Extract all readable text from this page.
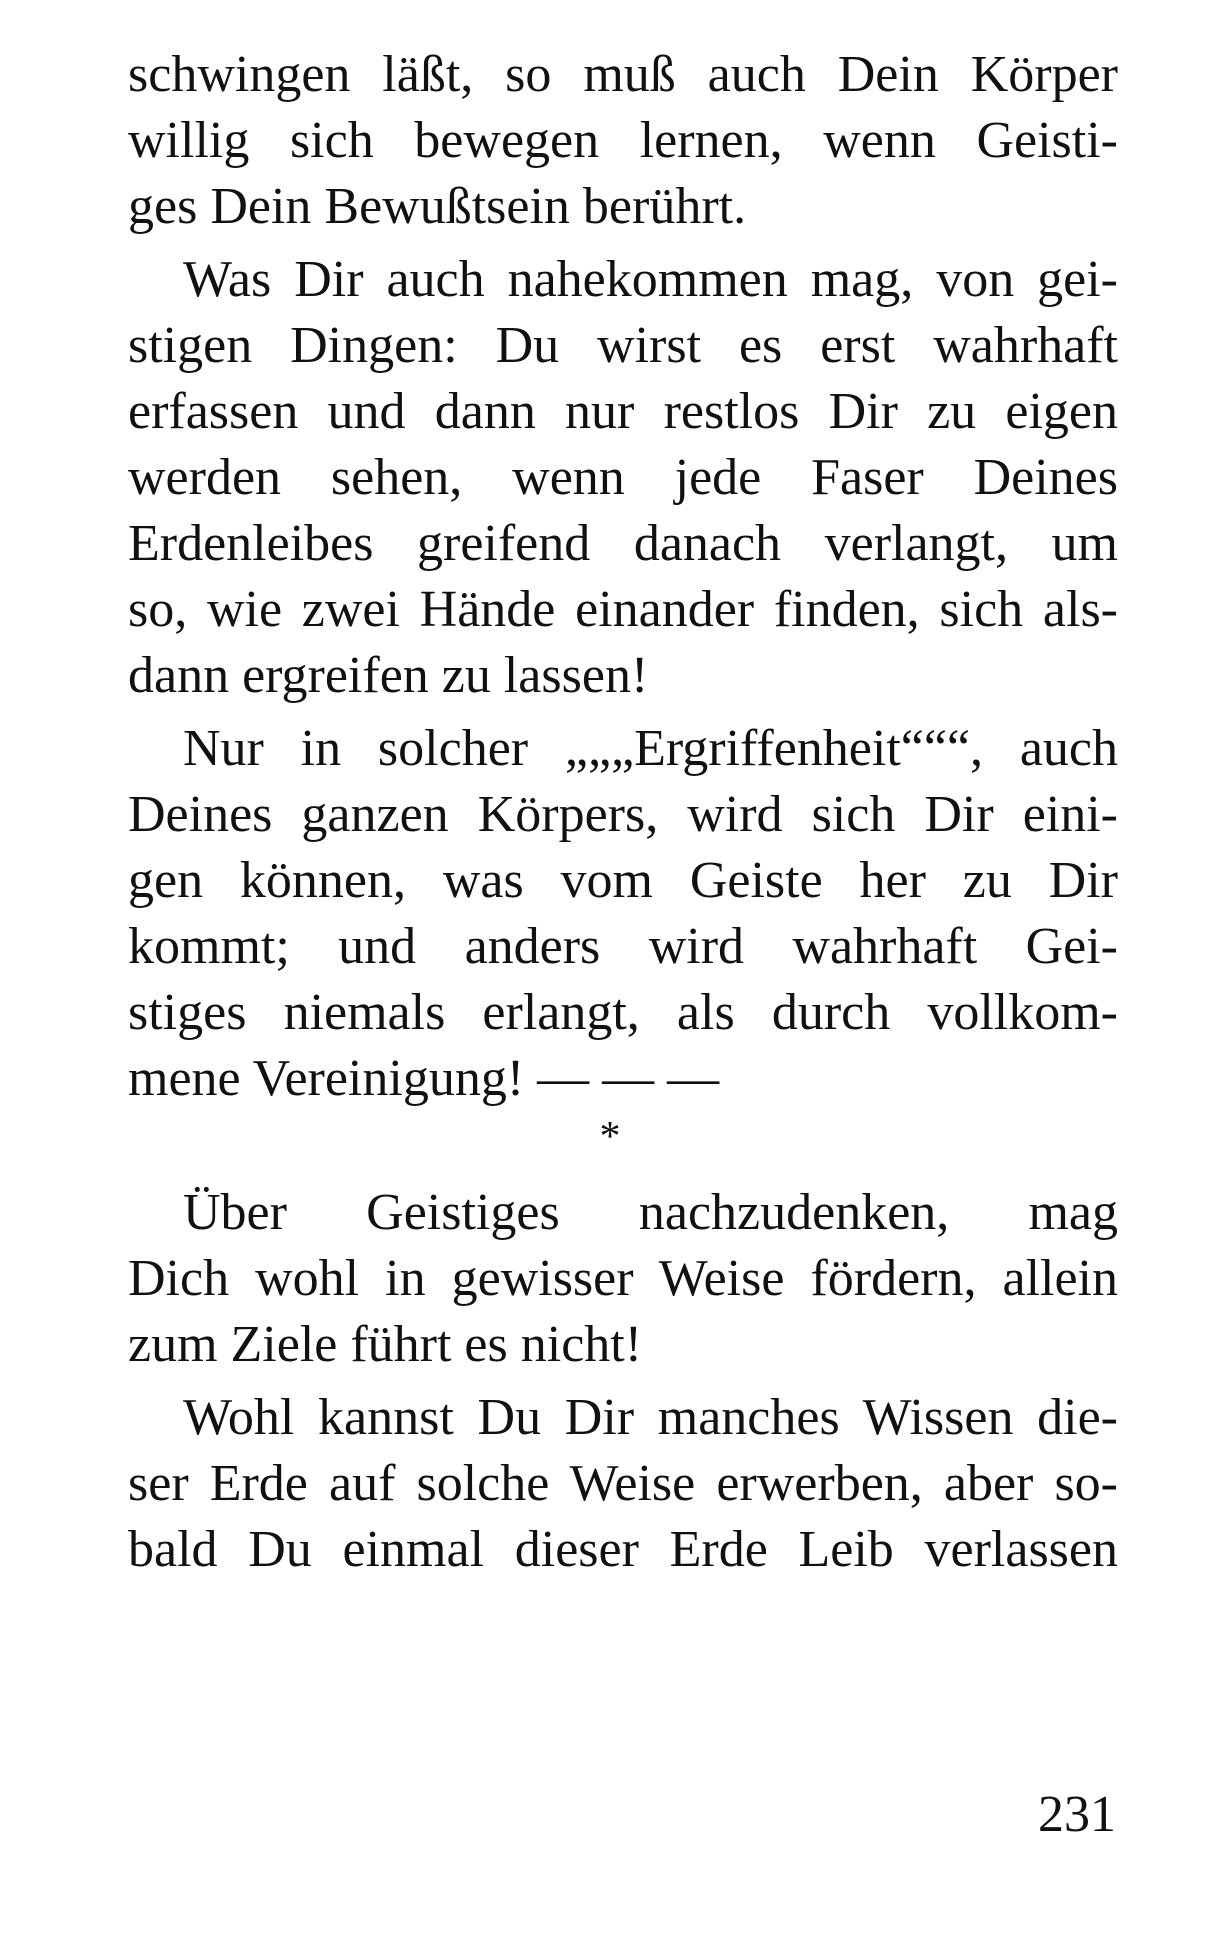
schwingen läßt, so muß auch Dein Körper
willig sich bewegen lernen, wenn Geisti-
ges Dein Bewußtsein berührt.
Was Dir auch nahekommen mag, von gei-
stigen Dingen: Du wirst es erst wahrhaft
erfassen und dann nur restlos Dir zu eigen
werden sehen, wenn jede Faser Deines
Erdenleibes greifend danach verlangt, um
so, wie zwei Hände einander finden, sich als-
dann ergreifen zu lassen!
Nur in solcher „„„Ergriffenheit“““, auch
Deines ganzen Körpers, wird sich Dir eini-
gen können, was vom Geiste her zu Dir
kommt; und anders wird wahrhaft Gei-
stiges niemals erlangt, als durch vollkom-
mene Vereinigung! — — —
*
Über Geistiges nachzudenken, mag
Dich wohl in gewisser Weise fördern, allein
zum Ziele führt es nicht!
Wohl kannst Du Dir manches Wissen die-
ser Erde auf solche Weise erwerben, aber so-
bald Du einmal dieser Erde Leib verlassen
231
